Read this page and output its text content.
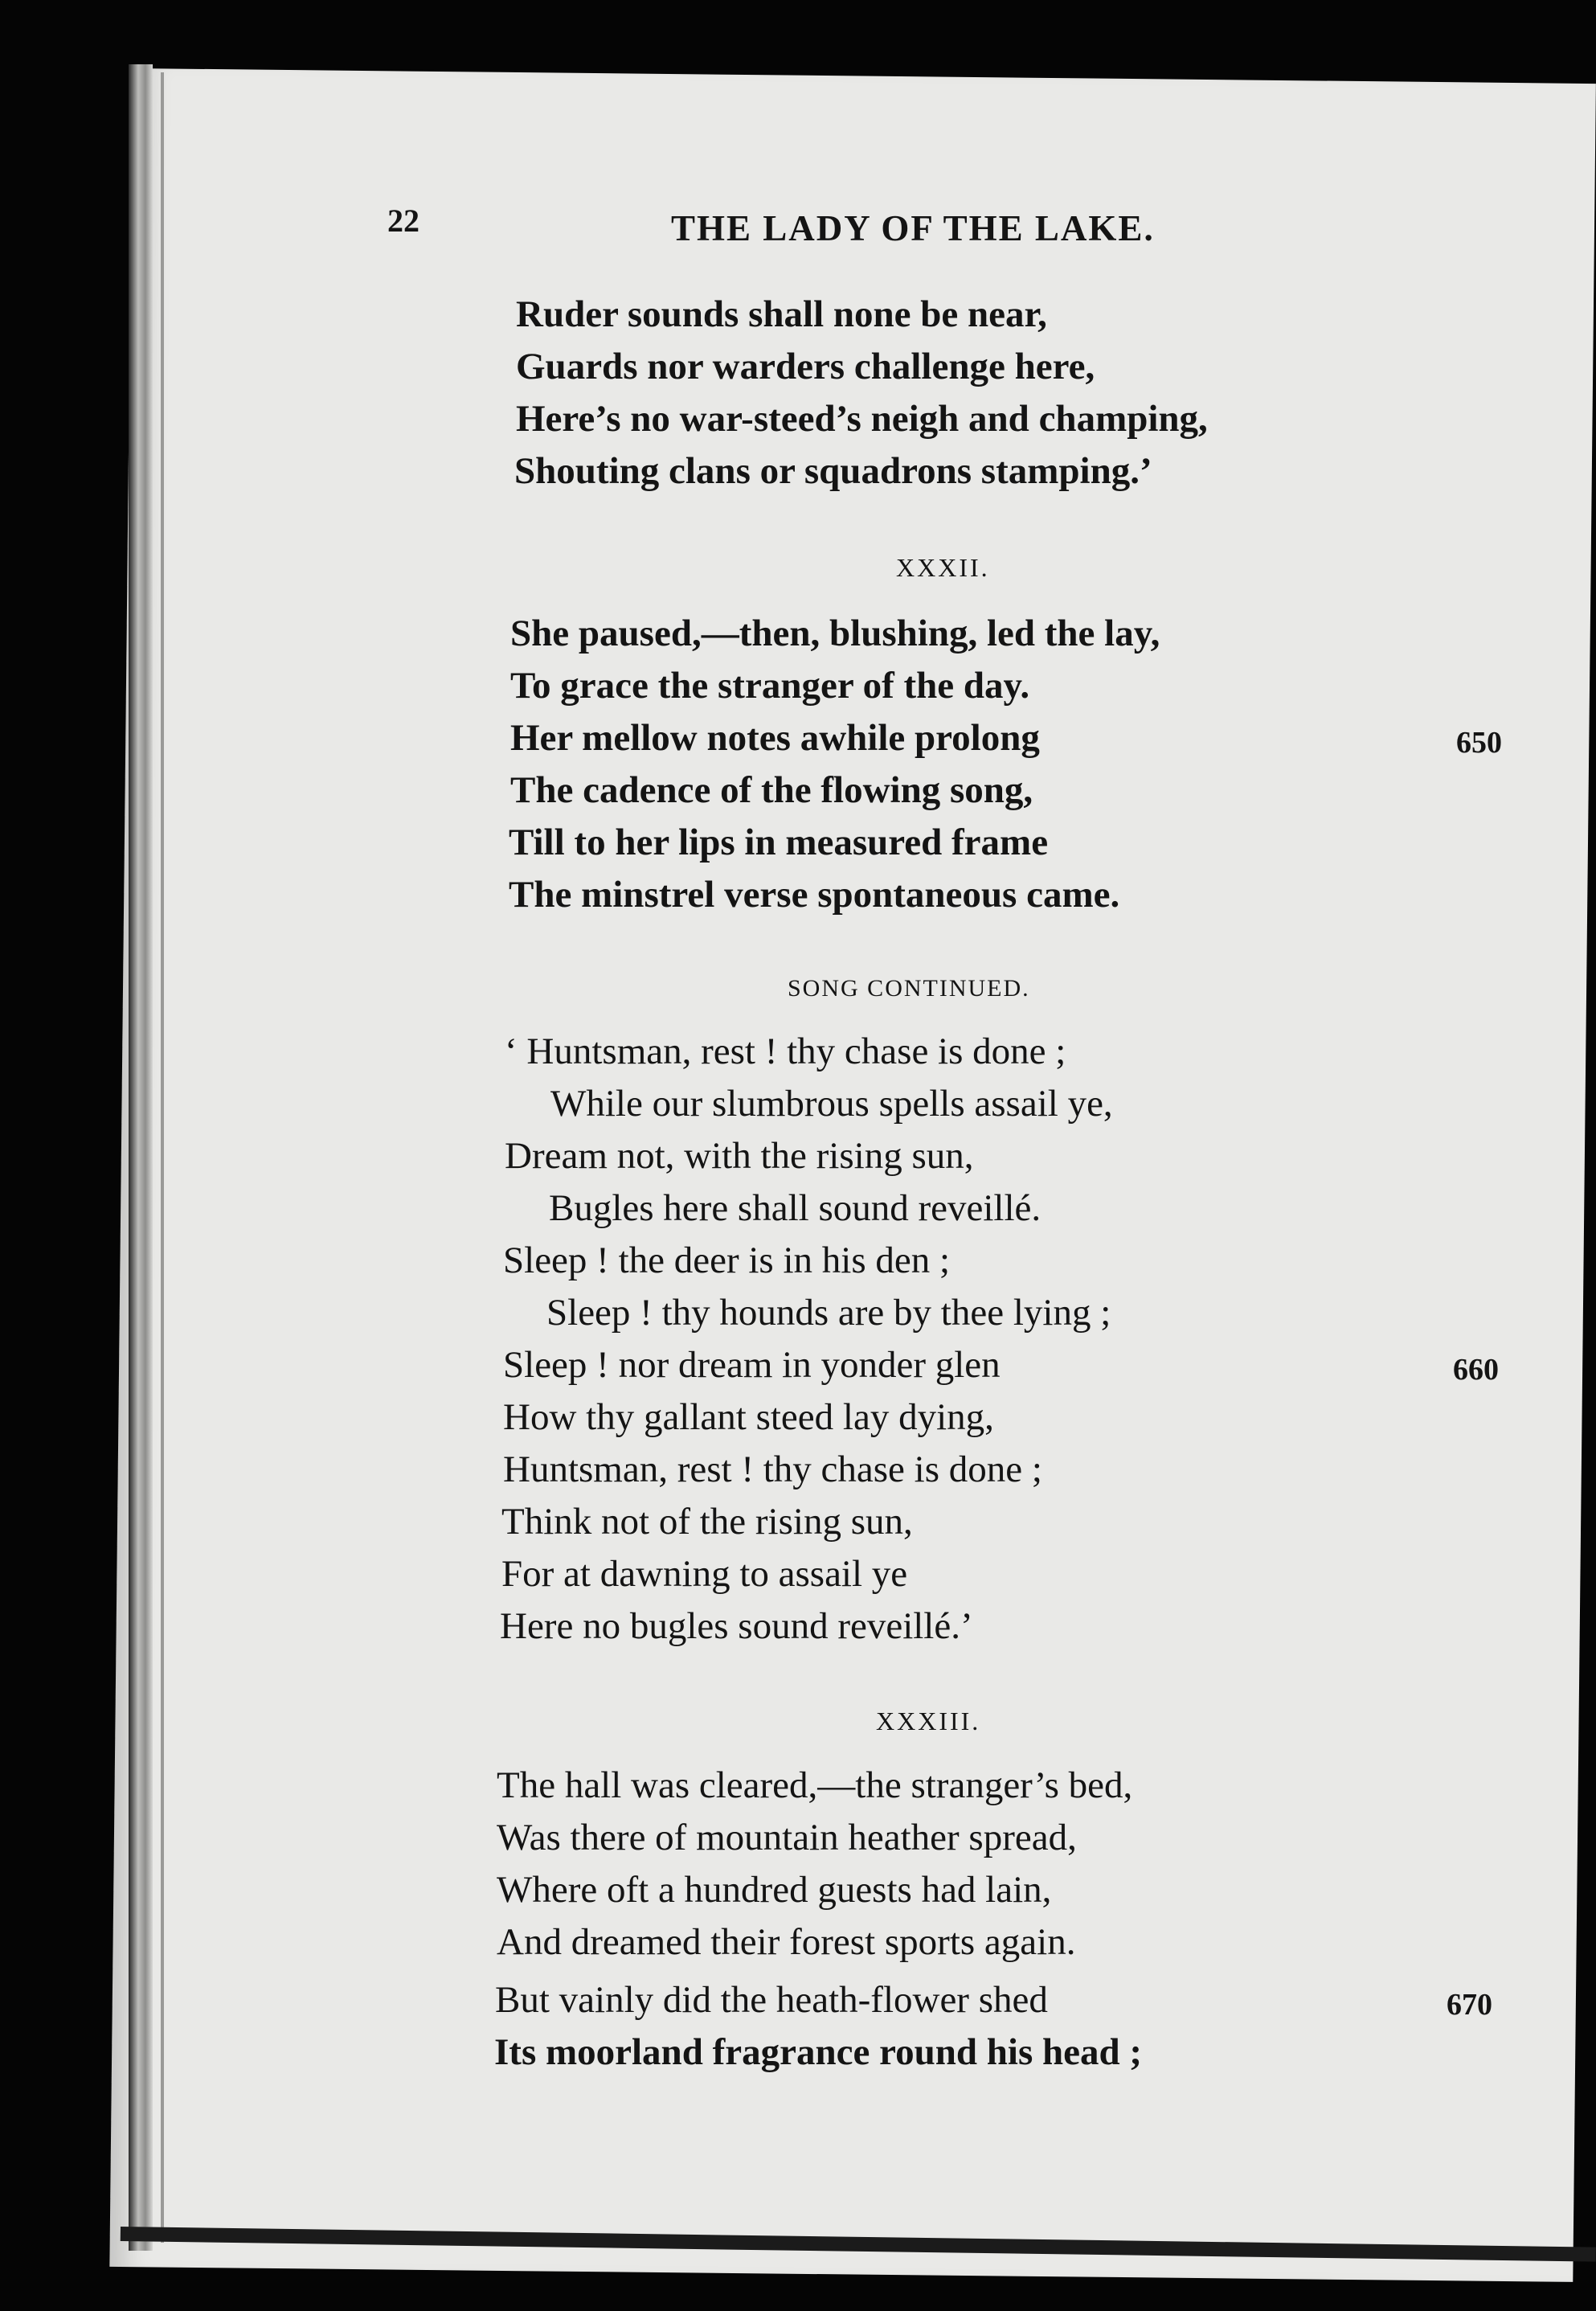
22	THE LADY OF THE LAKE.
Ruder sounds shall none be near,
Guards nor warders challenge here,
Here’s no war-steed’s neigh and champing,
Shouting clans or squadrons stamping.’
XXXII.
She paused,—then, blushing, led the lay,
To grace the stranger of the day.
Her mellow notes awhile prolong	650
The cadence of the flowing song,
Till to her lips in measured frame
The minstrel verse spontaneous came.
SONG CONTINUED.
‘ Huntsman, rest ! thy chase is done ;
While our slumbrous spells assail ye,
Dream not, with the rising sun,
Bugles here shall sound reveillé.
Sleep ! the deer is in his den ;
Sleep ! thy hounds are by thee lying ;
Sleep ! nor dream in yonder glen	660
How thy gallant steed lay dying,
Huntsman, rest ! thy chase is done ;
Think not of the rising sun,
For at dawning to assail ye
Here no bugles sound reveillé.’
XXXIII.
The hall was cleared,—the stranger’s bed,
Was there of mountain heather spread,
Where oft a hundred guests had lain,
And dreamed their forest sports again.
But vainly did the heath-flower shed	670
Its moorland fragrance round his head ;
